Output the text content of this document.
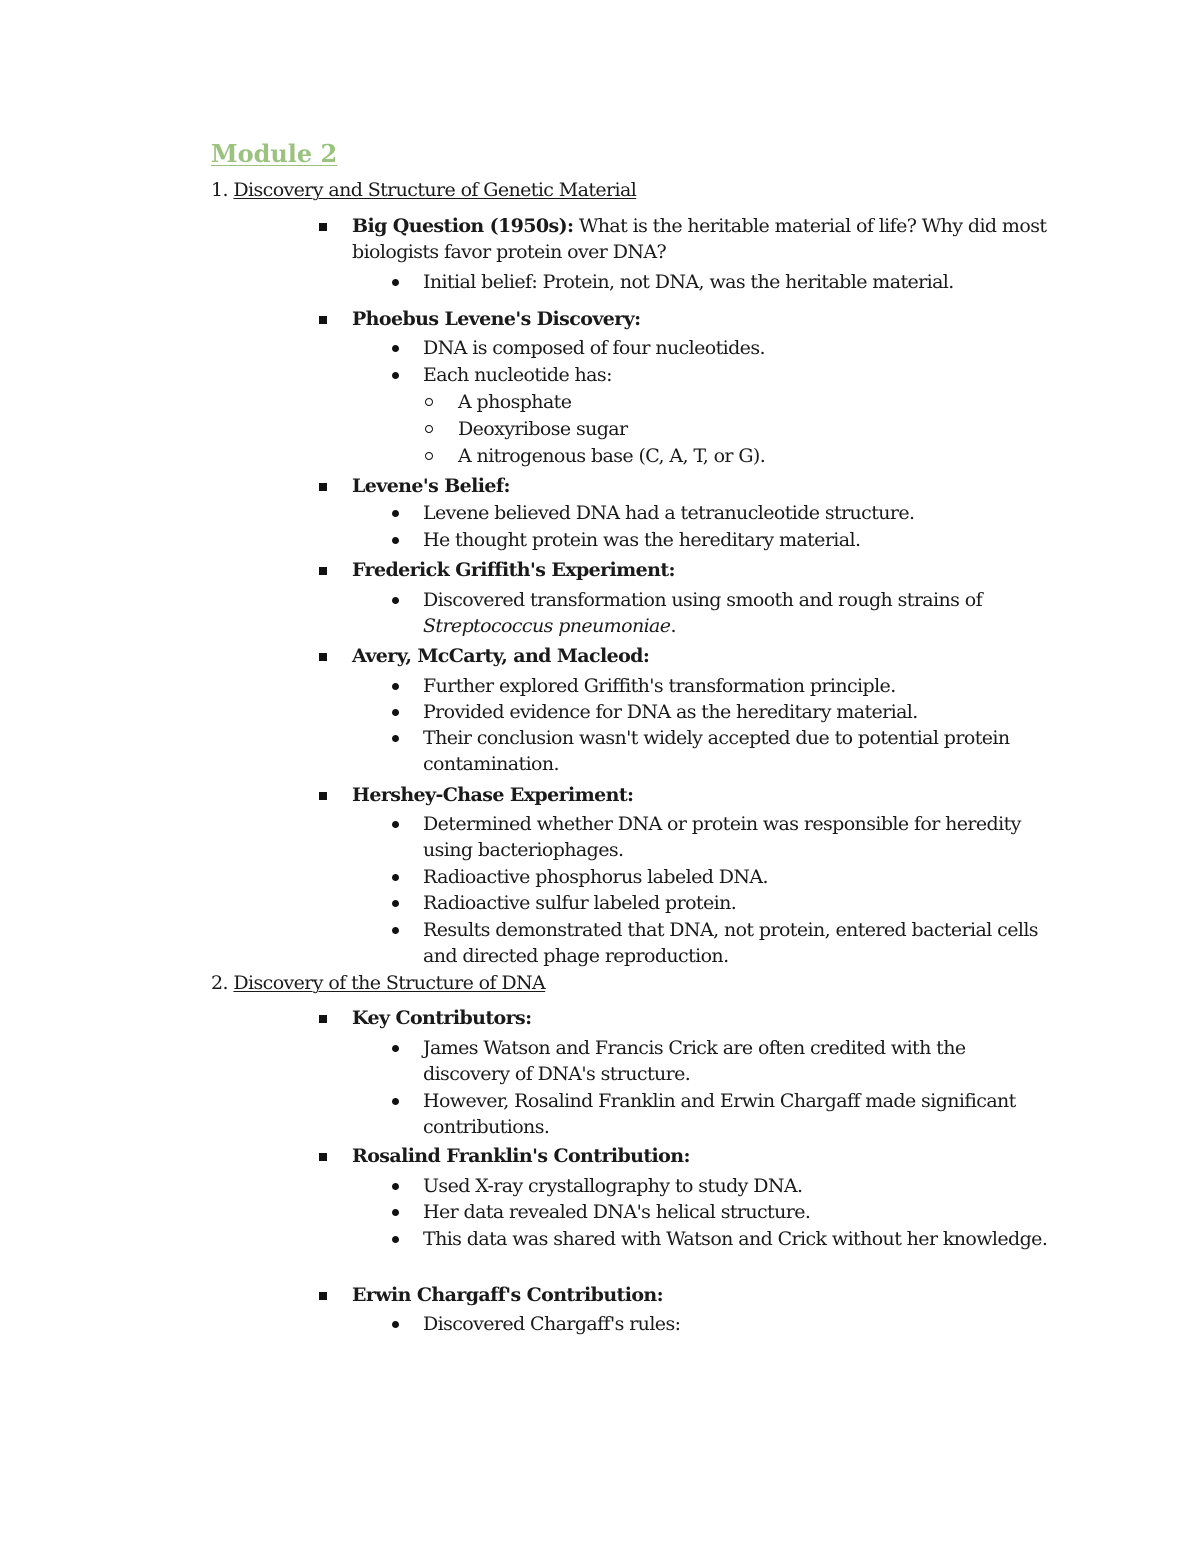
Module 2
1. Discovery and Structure of Genetic Material
Big Question (1950s): What is the heritable material of life? Why did most biologists favor protein over DNA?
Initial belief: Protein, not DNA, was the heritable material.
Phoebus Levene's Discovery:
DNA is composed of four nucleotides.
Each nucleotide has:
A phosphate
Deoxyribose sugar
A nitrogenous base (C, A, T, or G).
Levene's Belief:
Levene believed DNA had a tetranucleotide structure.
He thought protein was the hereditary material.
Frederick Griffith's Experiment:
Discovered transformation using smooth and rough strains of Streptococcus pneumoniae.
Avery, McCarty, and Macleod:
Further explored Griffith's transformation principle.
Provided evidence for DNA as the hereditary material.
Their conclusion wasn't widely accepted due to potential protein contamination.
Hershey-Chase Experiment:
Determined whether DNA or protein was responsible for heredity using bacteriophages.
Radioactive phosphorus labeled DNA.
Radioactive sulfur labeled protein.
Results demonstrated that DNA, not protein, entered bacterial cells and directed phage reproduction.
2. Discovery of the Structure of DNA
Key Contributors:
James Watson and Francis Crick are often credited with the discovery of DNA's structure.
However, Rosalind Franklin and Erwin Chargaff made significant contributions.
Rosalind Franklin's Contribution:
Used X-ray crystallography to study DNA.
Her data revealed DNA's helical structure.
This data was shared with Watson and Crick without her knowledge.
Erwin Chargaff's Contribution:
Discovered Chargaff's rules:
